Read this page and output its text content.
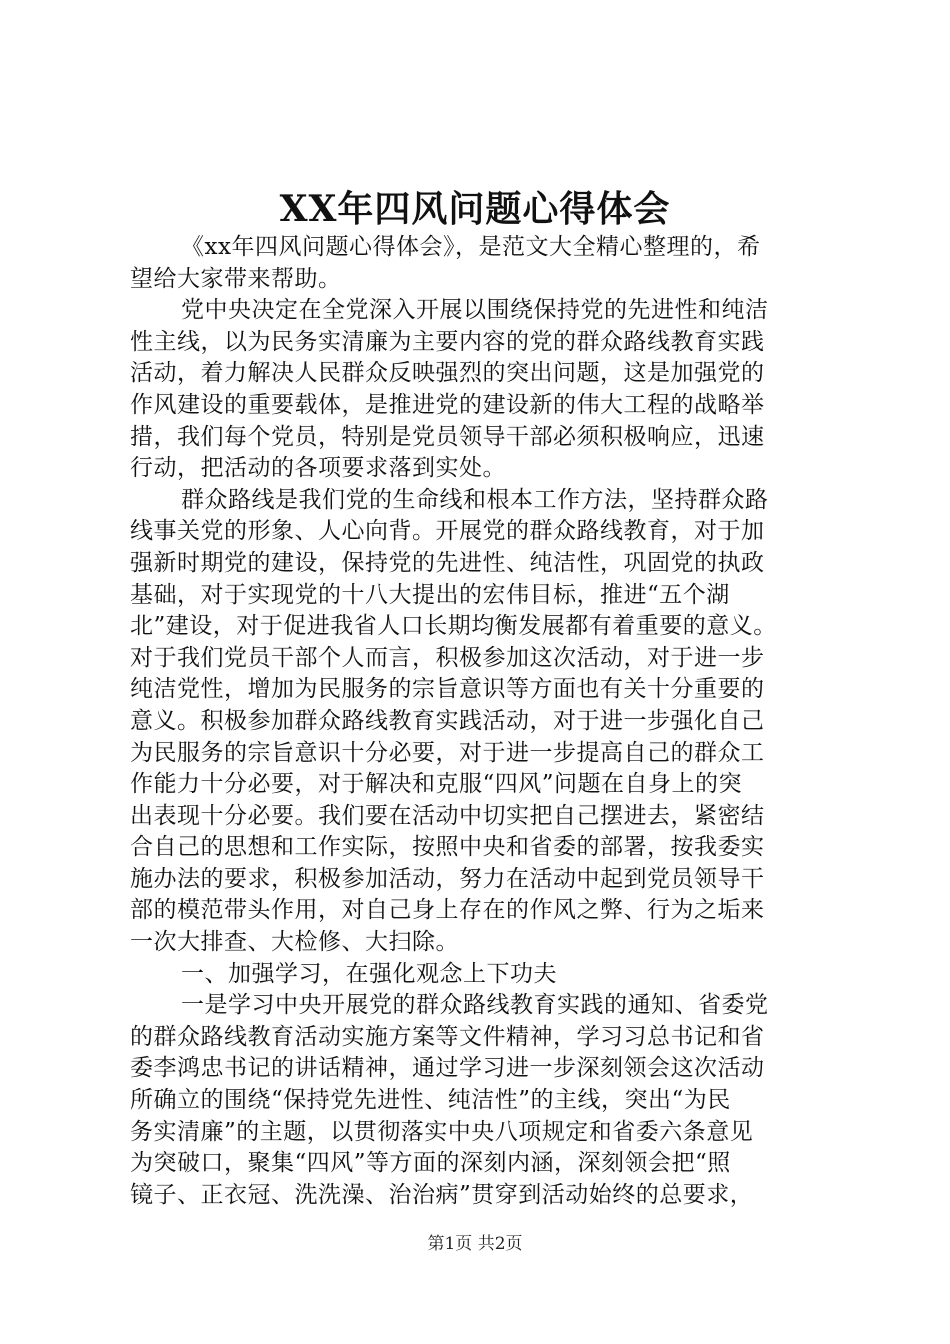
XX年四风问题心得体会
《xx年四风问题心得体会》，是范文大全精心整理的，希
望给大家带来帮助。
党中央决定在全党深入开展以围绕保持党的先进性和纯洁
性主线，以为民务实清廉为主要内容的党的群众路线教育实践
活动，着力解决人民群众反映强烈的突出问题，这是加强党的
作风建设的重要载体，是推进党的建设新的伟大工程的战略举
措，我们每个党员，特别是党员领导干部必须积极响应，迅速
行动，把活动的各项要求落到实处。
群众路线是我们党的生命线和根本工作方法，坚持群众路
线事关党的形象、人心向背。开展党的群众路线教育，对于加
强新时期党的建设，保持党的先进性、纯洁性，巩固党的执政
基础，对于实现党的十八大提出的宏伟目标，推进“五个湖
北”建设，对于促进我省人口长期均衡发展都有着重要的意义。
对于我们党员干部个人而言，积极参加这次活动，对于进一步
纯洁党性，增加为民服务的宗旨意识等方面也有关十分重要的
意义。积极参加群众路线教育实践活动，对于进一步强化自己
为民服务的宗旨意识十分必要，对于进一步提高自己的群众工
作能力十分必要，对于解决和克服“四风”问题在自身上的突
出表现十分必要。我们要在活动中切实把自己摆进去，紧密结
合自己的思想和工作实际，按照中央和省委的部署，按我委实
施办法的要求，积极参加活动，努力在活动中起到党员领导干
部的模范带头作用，对自己身上存在的作风之弊、行为之垢来
一次大排查、大检修、大扫除。
一、加强学习，在强化观念上下功夫
一是学习中央开展党的群众路线教育实践的通知、省委党
的群众路线教育活动实施方案等文件精神，学习习总书记和省
委李鸿忠书记的讲话精神，通过学习进一步深刻领会这次活动
所确立的围绕“保持党先进性、纯洁性”的主线，突出“为民
务实清廉”的主题，以贯彻落实中央八项规定和省委六条意见
为突破口，聚集“四风”等方面的深刻内涵，深刻领会把“照
镜子、正衣冠、洗洗澡、治治病”贯穿到活动始终的总要求，
第1页 共2页
